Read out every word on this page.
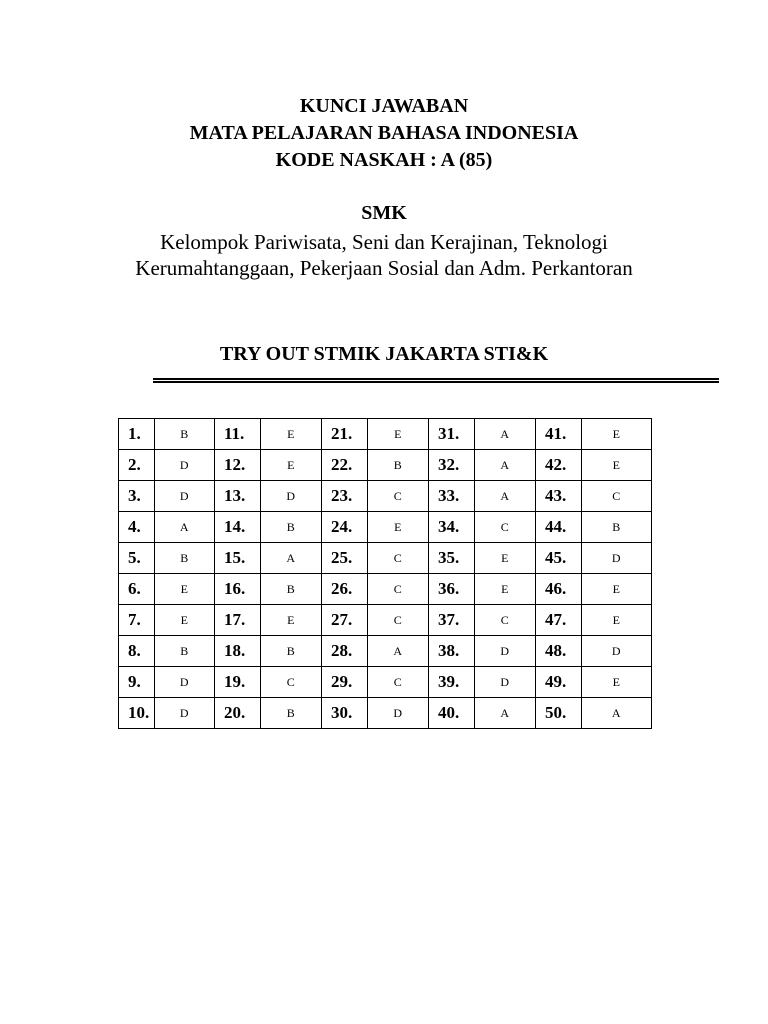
KUNCI JAWABAN
MATA PELAJARAN BAHASA INDONESIA
KODE NASKAH : A (85)
SMK
Kelompok Pariwisata, Seni dan Kerajinan, Teknologi
Kerumahtanggaan, Pekerjaan Sosial dan Adm. Perkantoran
TRY OUT STMIK JAKARTA STI&K
1.	B	11.	E	21.	E	31.	A	41.	E
2.	D	12.	E	22.	B	32.	A	42.	E
3.	D	13.	D	23.	C	33.	A	43.	C
4.	A	14.	B	24.	E	34.	C	44.	B
5.	B	15.	A	25.	C	35.	E	45.	D
6.	E	16.	B	26.	C	36.	E	46.	E
7.	E	17.	E	27.	C	37.	C	47.	E
8.	B	18.	B	28.	A	38.	D	48.	D
9.	D	19.	C	29.	C	39.	D	49.	E
10.	D	20.	B	30.	D	40.	A	50.	A
